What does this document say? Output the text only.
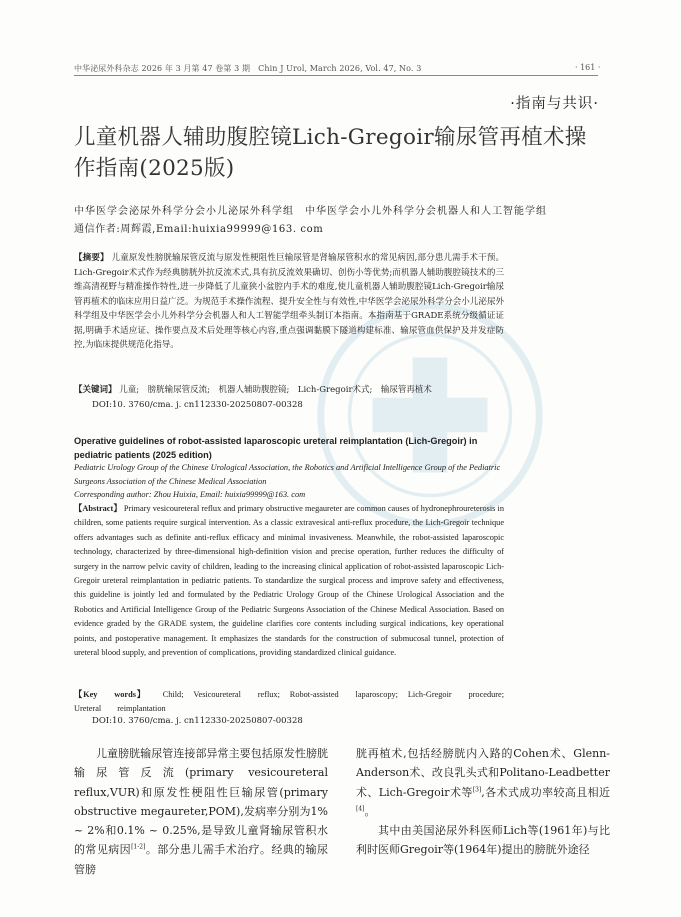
中华泌尿外科杂志 2026 年 3 月第 47 卷第 3 期　Chin J Urol, March 2026, Vol. 47, No. 3	· 161 ·
·指南与共识·
儿童机器人辅助腹腔镜Lich-Gregoir输尿管再植术操作指南(2025版)
中华医学会泌尿外科学分会小儿泌尿外科学组　中华医学会小儿外科学分会机器人和人工智能学组
通信作者:周辉霞,Email:huixia99999@163. com
【摘要】 儿童原发性膀胱输尿管反流与原发性梗阻性巨输尿管是肾输尿管积水的常见病因,部分患儿需手术干预。Lich-Gregoir术式作为经典膀胱外抗反流术式,具有抗反流效果确切、创伤小等优势;而机器人辅助腹腔镜技术的三维高清视野与精准操作特性,进一步降低了儿童狭小盆腔内手术的难度,使儿童机器人辅助腹腔镜Lich-Gregoir输尿管再植术的临床应用日益广泛。为规范手术操作流程、提升安全性与有效性,中华医学会泌尿外科学分会小儿泌尿外科学组及中华医学会小儿外科学分会机器人和人工智能学组牵头制订本指南。本指南基于GRADE系统分级循证证据,明确手术适应证、操作要点及术后处理等核心内容,重点强调黏膜下隧道构建标准、输尿管血供保护及并发症防控,为临床提供规范化指导。
【关键词】 儿童;　膀胱输尿管反流;　机器人辅助腹腔镜;　Lich-Gregoir术式;　输尿管再植术
DOI:10. 3760/cma. j. cn112330-20250807-00328
Operative guidelines of robot-assisted laparoscopic ureteral reimplantation (Lich-Gregoir) in pediatric patients (2025 edition)
Pediatric Urology Group of the Chinese Urological Association, the Robotics and Artificial Intelligence Group of the Pediatric Surgeons Association of the Chinese Medical Association
Corresponding author: Zhou Huixia, Email: huixia99999@163. com
【Abstract】 Primary vesicoureteral reflux and primary obstructive megaureter are common causes of hydronephroureterosis in children, some patients require surgical intervention. As a classic extravesical anti-reflux procedure, the Lich-Gregoir technique offers advantages such as definite anti-reflux efficacy and minimal invasiveness. Meanwhile, the robot-assisted laparoscopic technology, characterized by three-dimensional high-definition vision and precise operation, further reduces the difficulty of surgery in the narrow pelvic cavity of children, leading to the increasing clinical application of robot-assisted laparoscopic Lich-Gregoir ureteral reimplantation in pediatric patients. To standardize the surgical process and improve safety and effectiveness, this guideline is jointly led and formulated by the Pediatric Urology Group of the Chinese Urological Association and the Robotics and Artificial Intelligence Group of the Pediatric Surgeons Association of the Chinese Medical Association. Based on evidence graded by the GRADE system, the guideline clarifies core contents including surgical indications, key operational points, and postoperative management. It emphasizes the standards for the construction of submucosal tunnel, protection of ureteral blood supply, and prevention of complications, providing standardized clinical guidance.
【Key words】 Child;　Vesicoureteral reflux;　Robot-assisted laparoscopy;　Lich-Gregoir procedure;　Ureteral reimplantation
DOI:10. 3760/cma. j. cn112330-20250807-00328

儿童膀胱输尿管连接部异常主要包括原发性膀胱输尿管反流(primary vesicoureteral reflux,VUR)和原发性梗阻性巨输尿管(primary obstructive megaureter,POM),发病率分别为1% ~ 2%和0.1% ~ 0.25%,是导致儿童肾输尿管积水的常见病因[1-2]。部分患儿需手术治疗。经典的输尿管膀

胱再植术,包括经膀胱内入路的Cohen术、Glenn-Anderson术、改良乳头式和Politano-Leadbetter术、Lich-Gregoir术等[3],各术式成功率较高且相近[4]。

其中由美国泌尿外科医师Lich等(1961年)与比利时医师Gregoir等(1964年)提出的膀胱外途径
